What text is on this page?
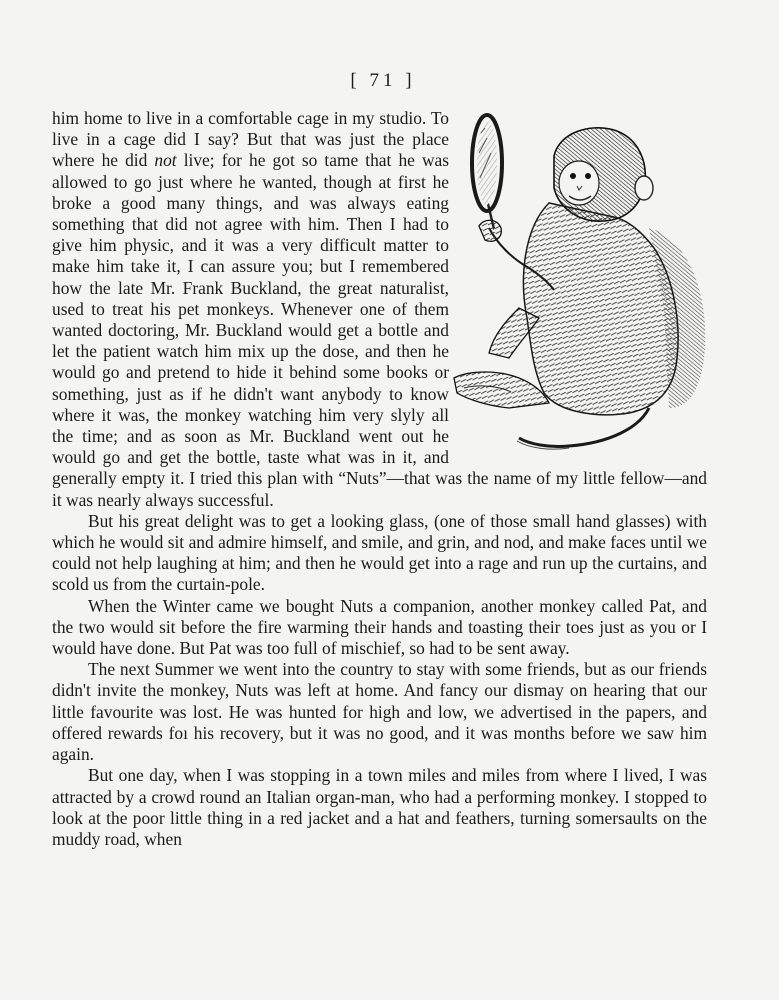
[ 71 ]

him home to live in a comfortable cage in my studio. To live in a cage did I say? But that was just the place where he did not live; for he got so tame that he was allowed to go just where he wanted, though at first he broke a good many things, and was always eating something that did not agree with him. Then I had to give him physic, and it was a very difficult matter to make him take it, I can assure you; but I remembered how the late Mr. Frank Buckland, the great naturalist, used to treat his pet monkeys. Whenever one of them wanted doctoring, Mr. Buckland would get a bottle and let the patient watch him mix up the dose, and then he would go and pretend to hide it behind some books or something, just as if he didn't want anybody to know where it was, the monkey watching him very slyly all the time; and as soon as Mr. Buckland went out he would go and get the bottle, taste what was in it, and generally empty it. I tried this plan with “Nuts”—that was the name of my little fellow—and it was nearly always successful.

But his great delight was to get a looking glass, (one of those small hand glasses) with which he would sit and admire himself, and smile, and grin, and nod, and make faces until we could not help laughing at him; and then he would get into a rage and run up the curtains, and scold us from the curtain-pole.

When the Winter came we bought Nuts a companion, another monkey called Pat, and the two would sit before the fire warming their hands and toasting their toes just as you or I would have done. But Pat was too full of mischief, so had to be sent away.

The next Summer we went into the country to stay with some friends, but as our friends didn't invite the monkey, Nuts was left at home. And fancy our dismay on hearing that our little favourite was lost. He was hunted for high and low, we advertised in the papers, and offered rewards foı his recovery, but it was no good, and it was months before we saw him again.

But one day, when I was stopping in a town miles and miles from where I lived, I was attracted by a crowd round an Italian organ-man, who had a performing monkey. I stopped to look at the poor little thing in a red jacket and a hat and feathers, turning somersaults on the muddy road, when
